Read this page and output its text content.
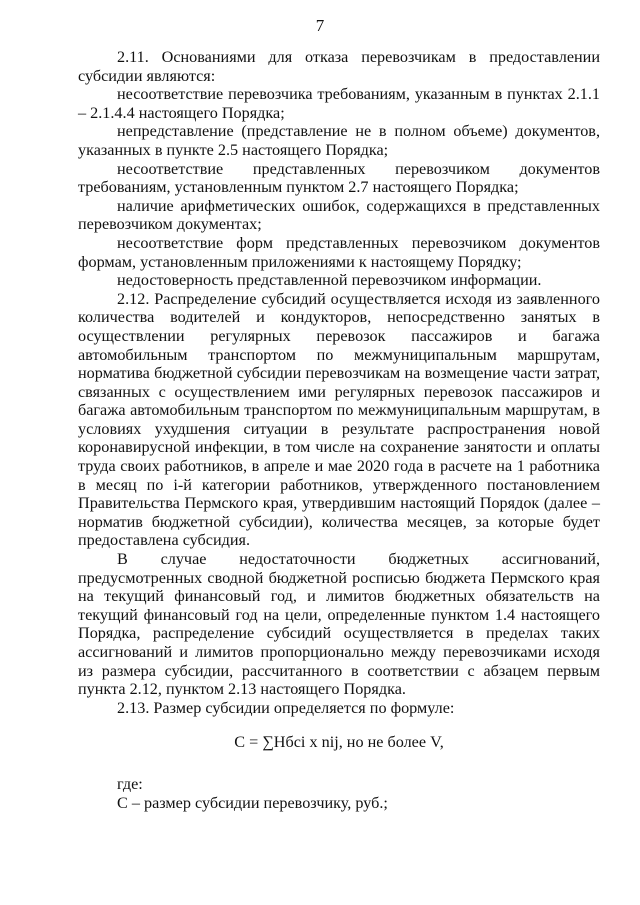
7

2.11. Основаниями для отказа перевозчикам в предоставлении субсидии являются:

несоответствие перевозчика требованиям, указанным в пунктах 2.1.1 – 2.1.4.4 настоящего Порядка;

непредставление (представление не в полном объеме) документов, указанных в пункте 2.5 настоящего Порядка;

несоответствие представленных перевозчиком документов требованиям, установленным пунктом 2.7 настоящего Порядка;

наличие арифметических ошибок, содержащихся в представленных перевозчиком документах;

несоответствие форм представленных перевозчиком документов формам, установленным приложениями к настоящему Порядку;

недостоверность представленной перевозчиком информации.

2.12. Распределение субсидий осуществляется исходя из заявленного количества водителей и кондукторов, непосредственно занятых в осуществлении регулярных перевозок пассажиров и багажа автомобильным транспортом по межмуниципальным маршрутам, норматива бюджетной субсидии перевозчикам на возмещение части затрат, связанных с осуществлением ими регулярных перевозок пассажиров и багажа автомобильным транспортом по межмуниципальным маршрутам, в условиях ухудшения ситуации в результате распространения новой коронавирусной инфекции, в том числе на сохранение занятости и оплаты труда своих работников, в апреле и мае 2020 года в расчете на 1 работника в месяц по i-й категории работников, утвержденного постановлением Правительства Пермского края, утвердившим настоящий Порядок (далее – норматив бюджетной субсидии), количества месяцев, за которые будет предоставлена субсидия.

В случае недостаточности бюджетных ассигнований, предусмотренных сводной бюджетной росписью бюджета Пермского края на текущий финансовый год, и лимитов бюджетных обязательств на текущий финансовый год на цели, определенные пунктом 1.4 настоящего Порядка, распределение субсидий осуществляется в пределах таких ассигнований и лимитов пропорционально между перевозчиками исходя из размера субсидии, рассчитанного в соответствии с абзацем первым пункта 2.12, пунктом 2.13 настоящего Порядка.

2.13. Размер субсидии определяется по формуле:

C = ∑Нбсi x nij, но не более V,

где:

C – размер субсидии перевозчику, руб.;
